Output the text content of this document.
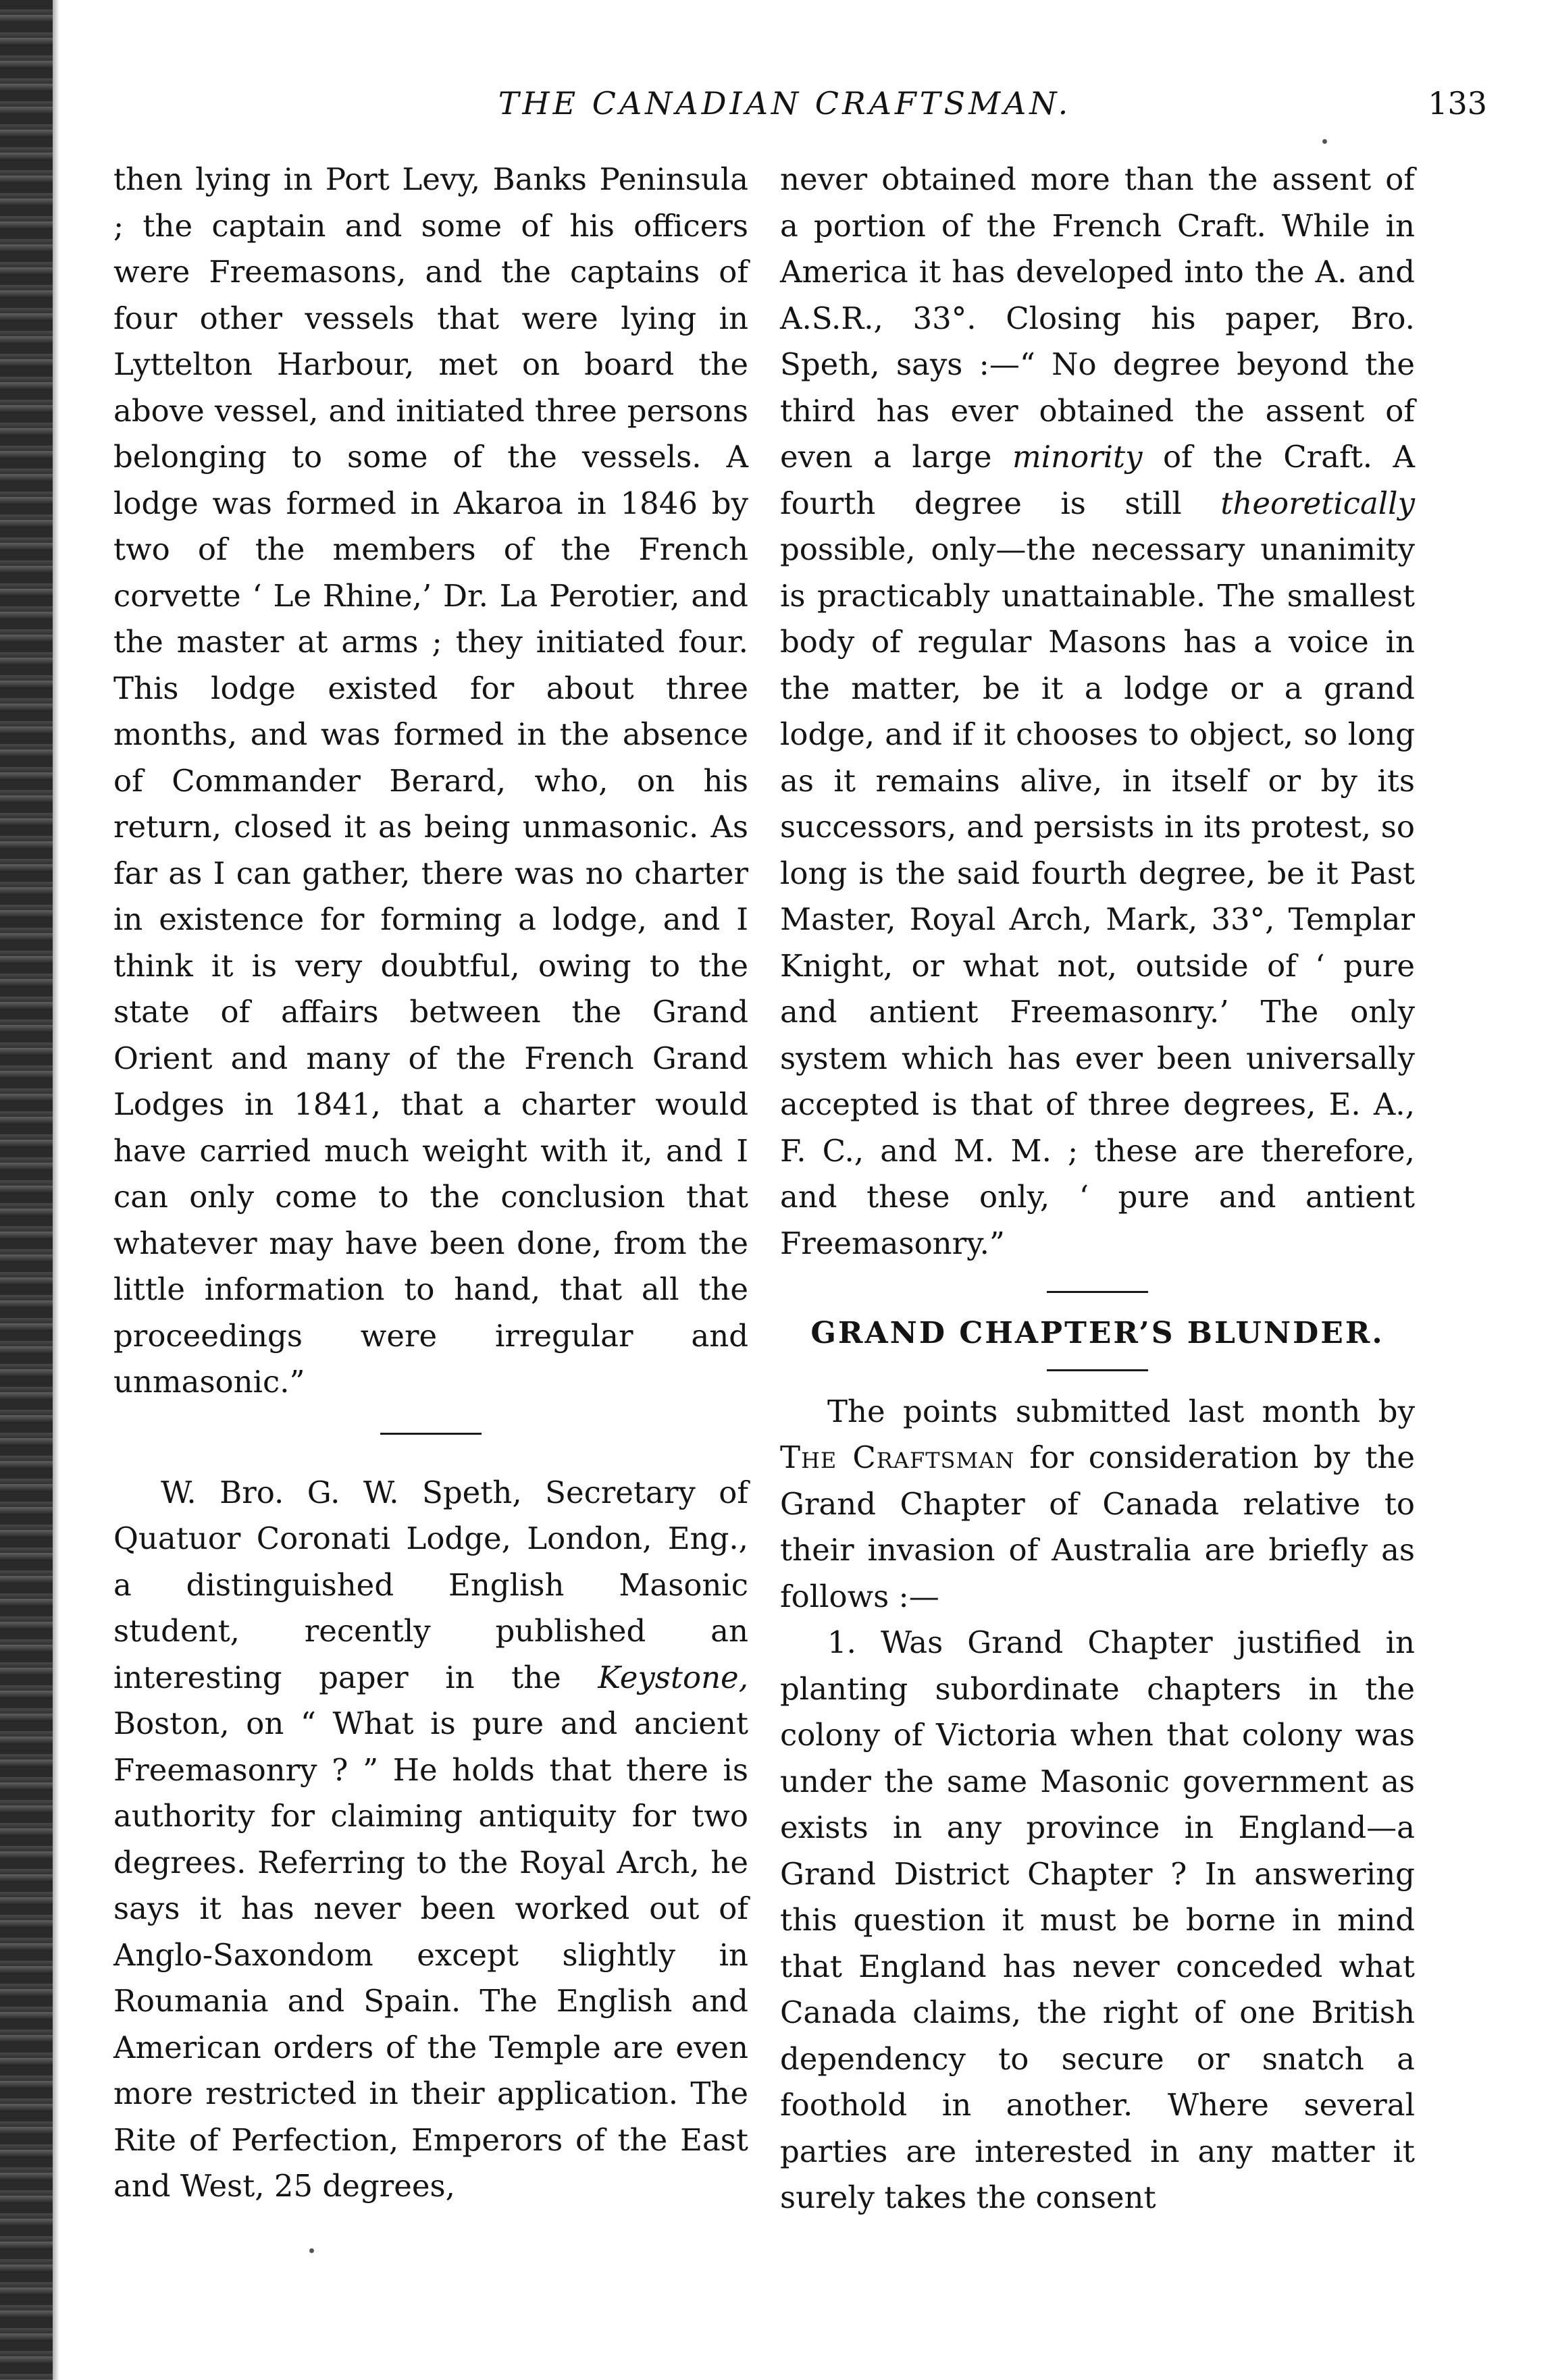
THE CANADIAN CRAFTSMAN.	133

then lying in Port Levy, Banks Peninsula ; the captain and some of his officers were Freemasons, and the captains of four other vessels that were lying in Lyttelton Harbour, met on board the above vessel, and initiated three persons belonging to some of the vessels. A lodge was formed in Akaroa in 1846 by two of the members of the French corvette ‘ Le Rhine,’ Dr. La Perotier, and the master at arms ; they initiated four. This lodge existed for about three months, and was formed in the absence of Commander Berard, who, on his return, closed it as being unmasonic. As far as I can gather, there was no charter in existence for forming a lodge, and I think it is very doubtful, owing to the state of affairs between the Grand Orient and many of the French Grand Lodges in 1841, that a charter would have carried much weight with it, and I can only come to the conclusion that whatever may have been done, from the little information to hand, that all the proceedings were irregular and unmasonic.”

W. Bro. G. W. Speth, Secretary of Quatuor Coronati Lodge, London, Eng., a distinguished English Masonic student, recently published an interesting paper in the Keystone, Boston, on “ What is pure and ancient Freemasonry ? ” He holds that there is authority for claiming antiquity for two degrees. Referring to the Royal Arch, he says it has never been worked out of Anglo-Saxondom except slightly in Roumania and Spain. The English and American orders of the Temple are even more restricted in their application. The Rite of Perfection, Emperors of the East and West, 25 degrees,

never obtained more than the assent of a portion of the French Craft. While in America it has developed into the A. and A.S.R., 33°. Closing his paper, Bro. Speth, says :—“ No degree beyond the third has ever obtained the assent of even a large minority of the Craft. A fourth degree is still theoretically possible, only—the necessary unanimity is practicably unattainable. The smallest body of regular Masons has a voice in the matter, be it a lodge or a grand lodge, and if it chooses to object, so long as it remains alive, in itself or by its successors, and persists in its protest, so long is the said fourth degree, be it Past Master, Royal Arch, Mark, 33°, Templar Knight, or what not, outside of ‘ pure and antient Freemasonry.’ The only system which has ever been universally accepted is that of three degrees, E. A., F. C., and M. M. ; these are therefore, and these only, ‘ pure and antient Freemasonry.”

GRAND CHAPTER’S BLUNDER.

The points submitted last month by The Craftsman for consideration by the Grand Chapter of Canada relative to their invasion of Australia are briefly as follows :—

1. Was Grand Chapter justified in planting subordinate chapters in the colony of Victoria when that colony was under the same Masonic government as exists in any province in England—a Grand District Chapter ? In answering this question it must be borne in mind that England has never conceded what Canada claims, the right of one British dependency to secure or snatch a foothold in another. Where several parties are interested in any matter it surely takes the consent
